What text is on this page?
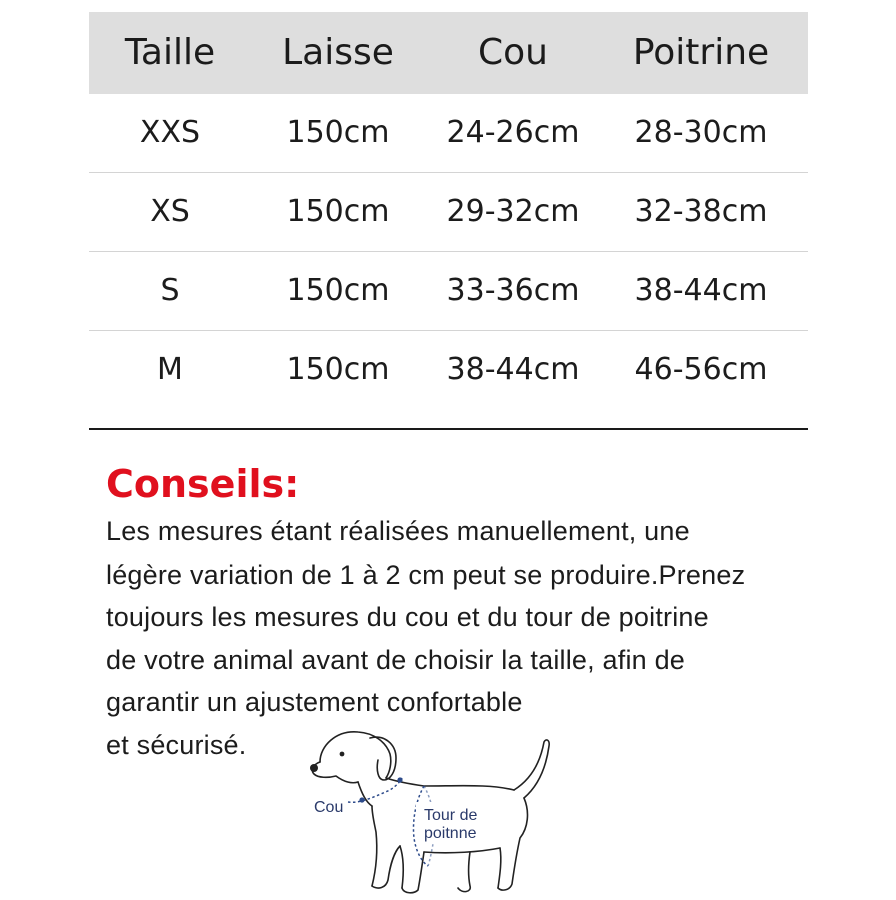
Taille	Laisse	Cou	Poitrine
XXS	150cm	24-26cm	28-30cm
XS	150cm	29-32cm	32-38cm
S	150cm	33-36cm	38-44cm
M	150cm	38-44cm	46-56cm
Conseils:
Les mesures étant réalisées manuellement, une
légère variation de 1 à 2 cm peut se produire.Prenez
toujours les mesures du cou et du tour de poitrine
de votre animal avant de choisir la taille, afin de
garantir un ajustement confortable
et sécurisé.
Cou	Tour de
poitnne
